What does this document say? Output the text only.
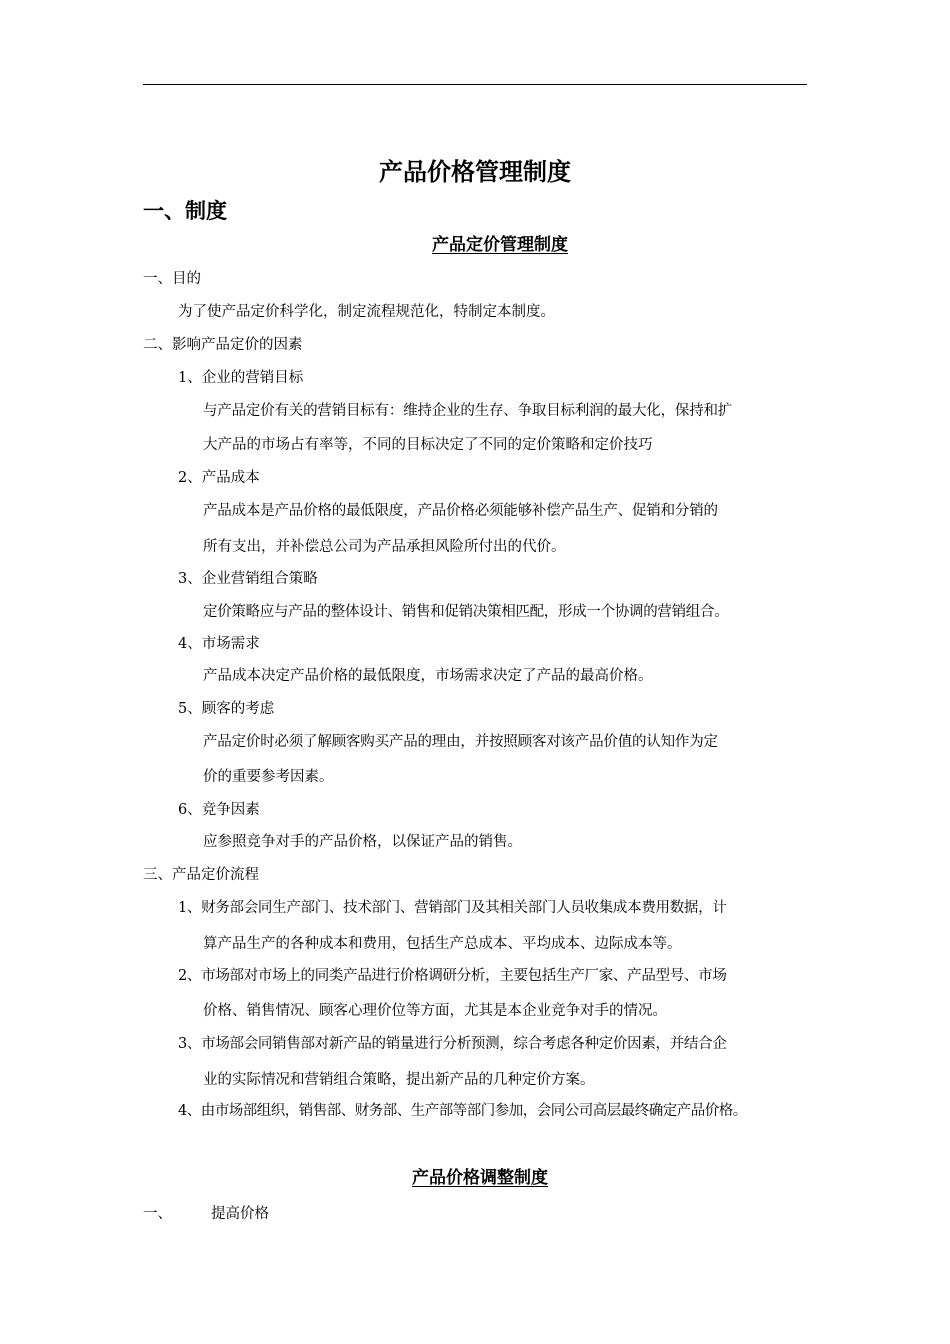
产品价格管理制度
一、制度
产品定价管理制度
一、目的
为了使产品定价科学化，制定流程规范化，特制定本制度。
二、影响产品定价的因素
1、企业的营销目标
与产品定价有关的营销目标有：维持企业的生存、争取目标利润的最大化，保持和扩
大产品的市场占有率等，不同的目标决定了不同的定价策略和定价技巧
2、产品成本
产品成本是产品价格的最低限度，产品价格必须能够补偿产品生产、促销和分销的
所有支出，并补偿总公司为产品承担风险所付出的代价。
3、企业营销组合策略
定价策略应与产品的整体设计、销售和促销决策相匹配，形成一个协调的营销组合。
4、市场需求
产品成本决定产品价格的最低限度，市场需求决定了产品的最高价格。
5、顾客的考虑
产品定价时必须了解顾客购买产品的理由，并按照顾客对该产品价值的认知作为定
价的重要参考因素。
6、竞争因素
应参照竞争对手的产品价格，以保证产品的销售。
三、产品定价流程
1、财务部会同生产部门、技术部门、营销部门及其相关部门人员收集成本费用数据，计
算产品生产的各种成本和费用，包括生产总成本、平均成本、边际成本等。
2、市场部对市场上的同类产品进行价格调研分析，主要包括生产厂家、产品型号、市场
价格、销售情况、顾客心理价位等方面，尤其是本企业竞争对手的情况。
3、市场部会同销售部对新产品的销量进行分析预测，综合考虑各种定价因素，并结合企
业的实际情况和营销组合策略，提出新产品的几种定价方案。
4、由市场部组织，销售部、财务部、生产部等部门参加，会同公司高层最终确定产品价格。
产品价格调整制度
一、	提高价格
